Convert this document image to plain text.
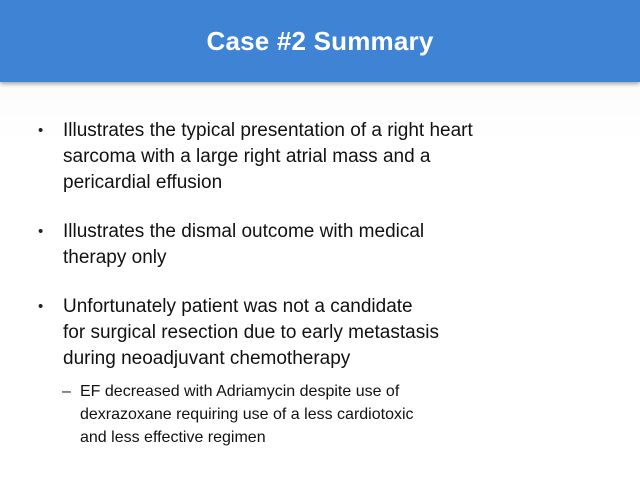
Case #2 Summary
•	Illustrates the typical presentation of a right heart
sarcoma with a large right atrial mass and a
pericardial effusion
•	Illustrates the dismal outcome with medical
therapy only
•	Unfortunately patient was not a candidate
for surgical resection due to early metastasis
during neoadjuvant chemotherapy
– EF decreased with Adriamycin despite use of
dexrazoxane requiring use of a less cardiotoxic
and less effective regimen
